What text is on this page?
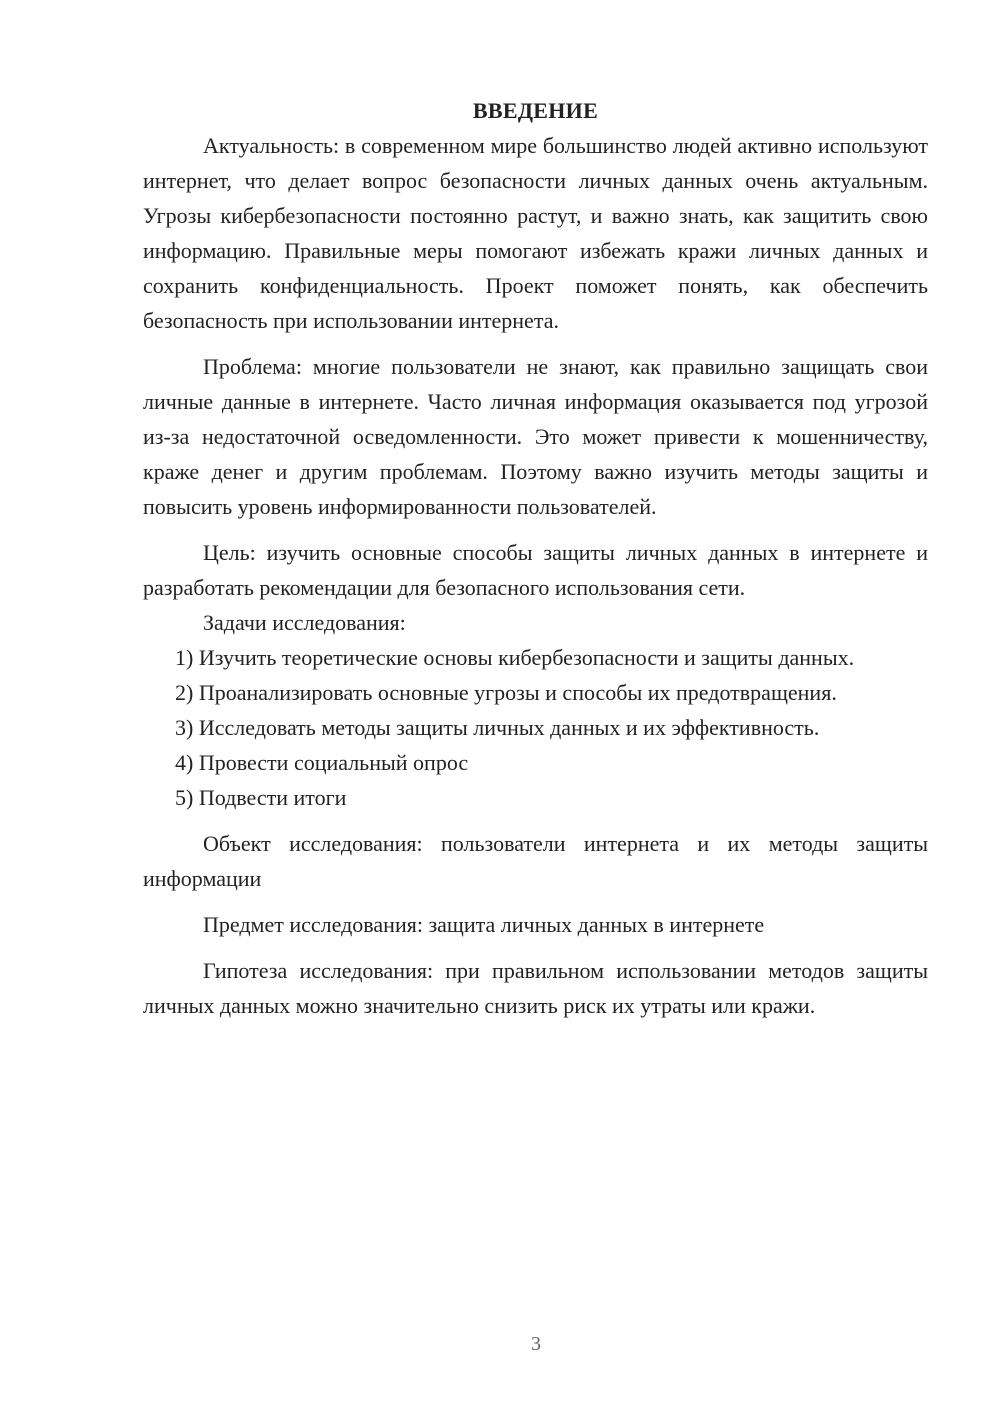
ВВЕДЕНИЕ

Актуальность: в современном мире большинство людей активно используют интернет, что делает вопрос безопасности личных данных очень актуальным. Угрозы кибербезопасности постоянно растут, и важно знать, как защитить свою информацию. Правильные меры помогают избежать кражи личных данных и сохранить конфиденциальность. Проект поможет понять, как обеспечить безопасность при использовании интернета.

Проблема: многие пользователи не знают, как правильно защищать свои личные данные в интернете. Часто личная информация оказывается под угрозой из-за недостаточной осведомленности. Это может привести к мошенничеству, краже денег и другим проблемам. Поэтому важно изучить методы защиты и повысить уровень информированности пользователей.

Цель: изучить основные способы защиты личных данных в интернете и разработать рекомендации для безопасного использования сети.

Задачи исследования:

1) Изучить теоретические основы кибербезопасности и защиты данных.

2) Проанализировать основные угрозы и способы их предотвращения.

3) Исследовать методы защиты личных данных и их эффективность.

4) Провести социальный опрос

5) Подвести итоги

Объект исследования: пользователи интернета и их методы защиты информации

Предмет исследования: защита личных данных в интернете

Гипотеза исследования: при правильном использовании методов защиты личных данных можно значительно снизить риск их утраты или кражи.

3
